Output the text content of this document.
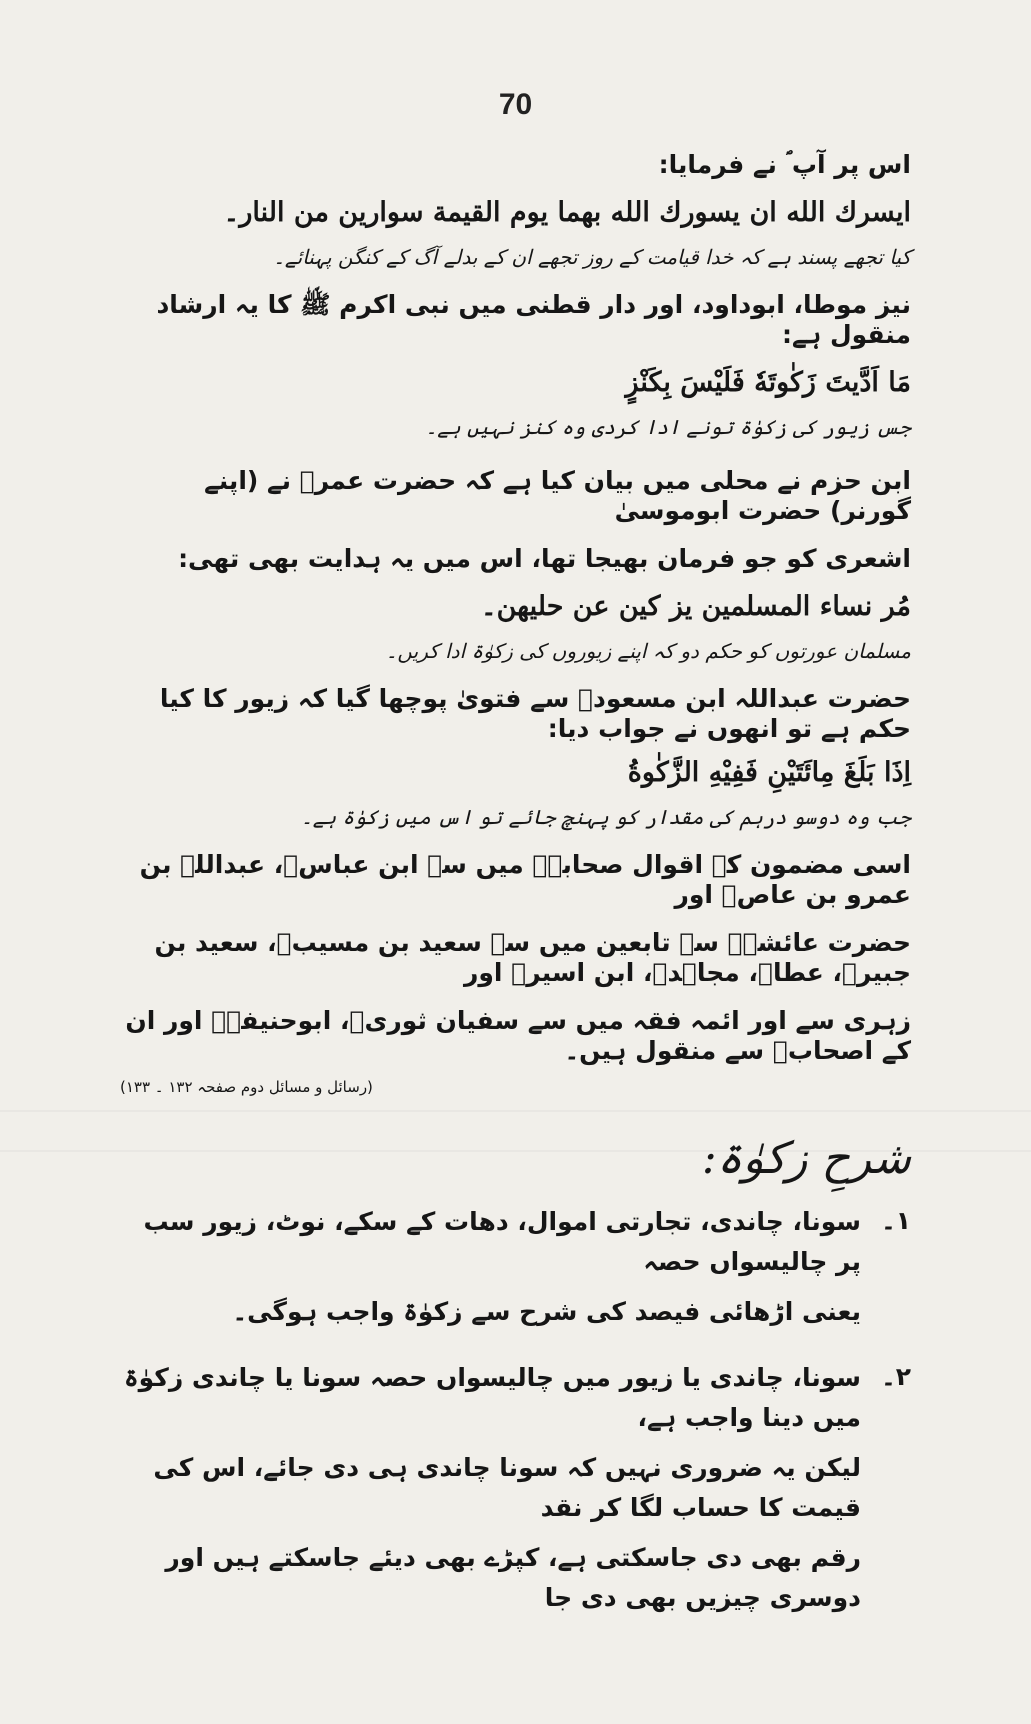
70

اس پر آپ ؐ نے فرمایا:

ایسرك الله ان یسورك الله بهما یوم القیمة سوارین من النار۔

کیا تجھے پسند ہے کہ خدا قیامت کے روز تجھے ان کے بدلے آگ کے کنگن پہنائے۔

نیز موطا، ابوداود، اور دار قطنی میں نبی اکرم ﷺ کا یہ ارشاد منقول ہے:

مَا اَدَّيتَ زَكٰوتَهٗ فَلَيْسَ بِكَنْزٍ

جس زیور کی زکوٰۃ تونے ادا کردی وہ کنز نہیں ہے۔

ابن حزم نے محلی میں بیان کیا ہے کہ حضرت عمرؓ نے (اپنے گورنر) حضرت ابوموسیٰ

اشعری کو جو فرمان بھیجا تھا، اس میں یہ ہدایت بھی تھی:

مُر نساء المسلمین یز کین عن حلیهن۔

مسلمان عورتوں کو حکم دو کہ اپنے زیوروں کی زکوٰۃ ادا کریں۔

حضرت عبداللہ ابن مسعودؓ سے فتویٰ پوچھا گیا کہ زیور کا کیا حکم ہے تو انھوں نے جواب دیا:

اِذَا بَلَغَ مِائَتَيْنِ فَفِيْهِ الزَّكٰوةُ

جب وہ دوسو درہم کی مقدار کو پہنچ جائے تو اس میں زکوٰۃ ہے۔

اسی مضمون کے اقوال صحابہؓ میں سے ابن عباسؓ، عبداللہ بن عمرو بن عاصؓ اور

حضرت عائشہؓ سے تابعین میں سے سعید بن مسیبؒ، سعید بن جبیرؒ، عطاؒ، مجاہدؒ، ابن اسیرؒ اور

زہری سے اور ائمہ فقہ میں سے سفیان ثوریؒ، ابوحنیفہؒ اور ان کے اصحابؒ سے منقول ہیں۔

(رسائل و مسائل دوم صفحہ ۱۳۲ ۔ ۱۳۳)

شرحِ زکوٰۃ:

۱۔

سونا، چاندی، تجارتی اموال، دھات کے سکے، نوٹ، زیور سب پر چالیسواں حصہ

یعنی اڑھائی فیصد کی شرح سے زکوٰۃ واجب ہوگی۔

۲۔

سونا، چاندی یا زیور میں چالیسواں حصہ سونا یا چاندی زکوٰۃ میں دینا واجب ہے،

لیکن یہ ضروری نہیں کہ سونا چاندی ہی دی جائے، اس کی قیمت کا حساب لگا کر نقد

رقم بھی دی جاسکتی ہے، کپڑے بھی دیئے جاسکتے ہیں اور دوسری چیزیں بھی دی جا
